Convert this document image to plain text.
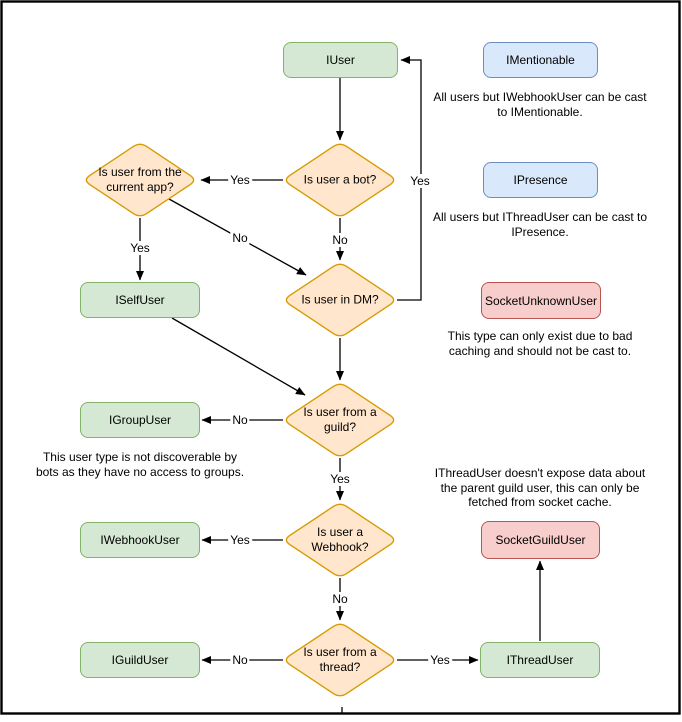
IUser	IMentionable
IPresence
SocketUnknownUser
ISelfUser
IGroupUser
IWebhookUser
IGuildUser	IThreadUser
SocketGuildUser
Is user a bot?
Is user from the current app?
Is user in DM?
Is user from a guild?
Is user a Webhook?
Is user from a thread?
Yes	Yes
No
Yes
No
No
Yes
Yes
No
No	Yes
All users but IWebhookUser can be cast to IMentionable.
All users but IThreadUser can be cast to IPresence.
This type can only exist due to bad caching and should not be cast to.
This user type is not discoverable by bots as they have no access to groups.	IThreadUser doesn't expose data about the parent guild user, this can only be fetched from socket cache.
